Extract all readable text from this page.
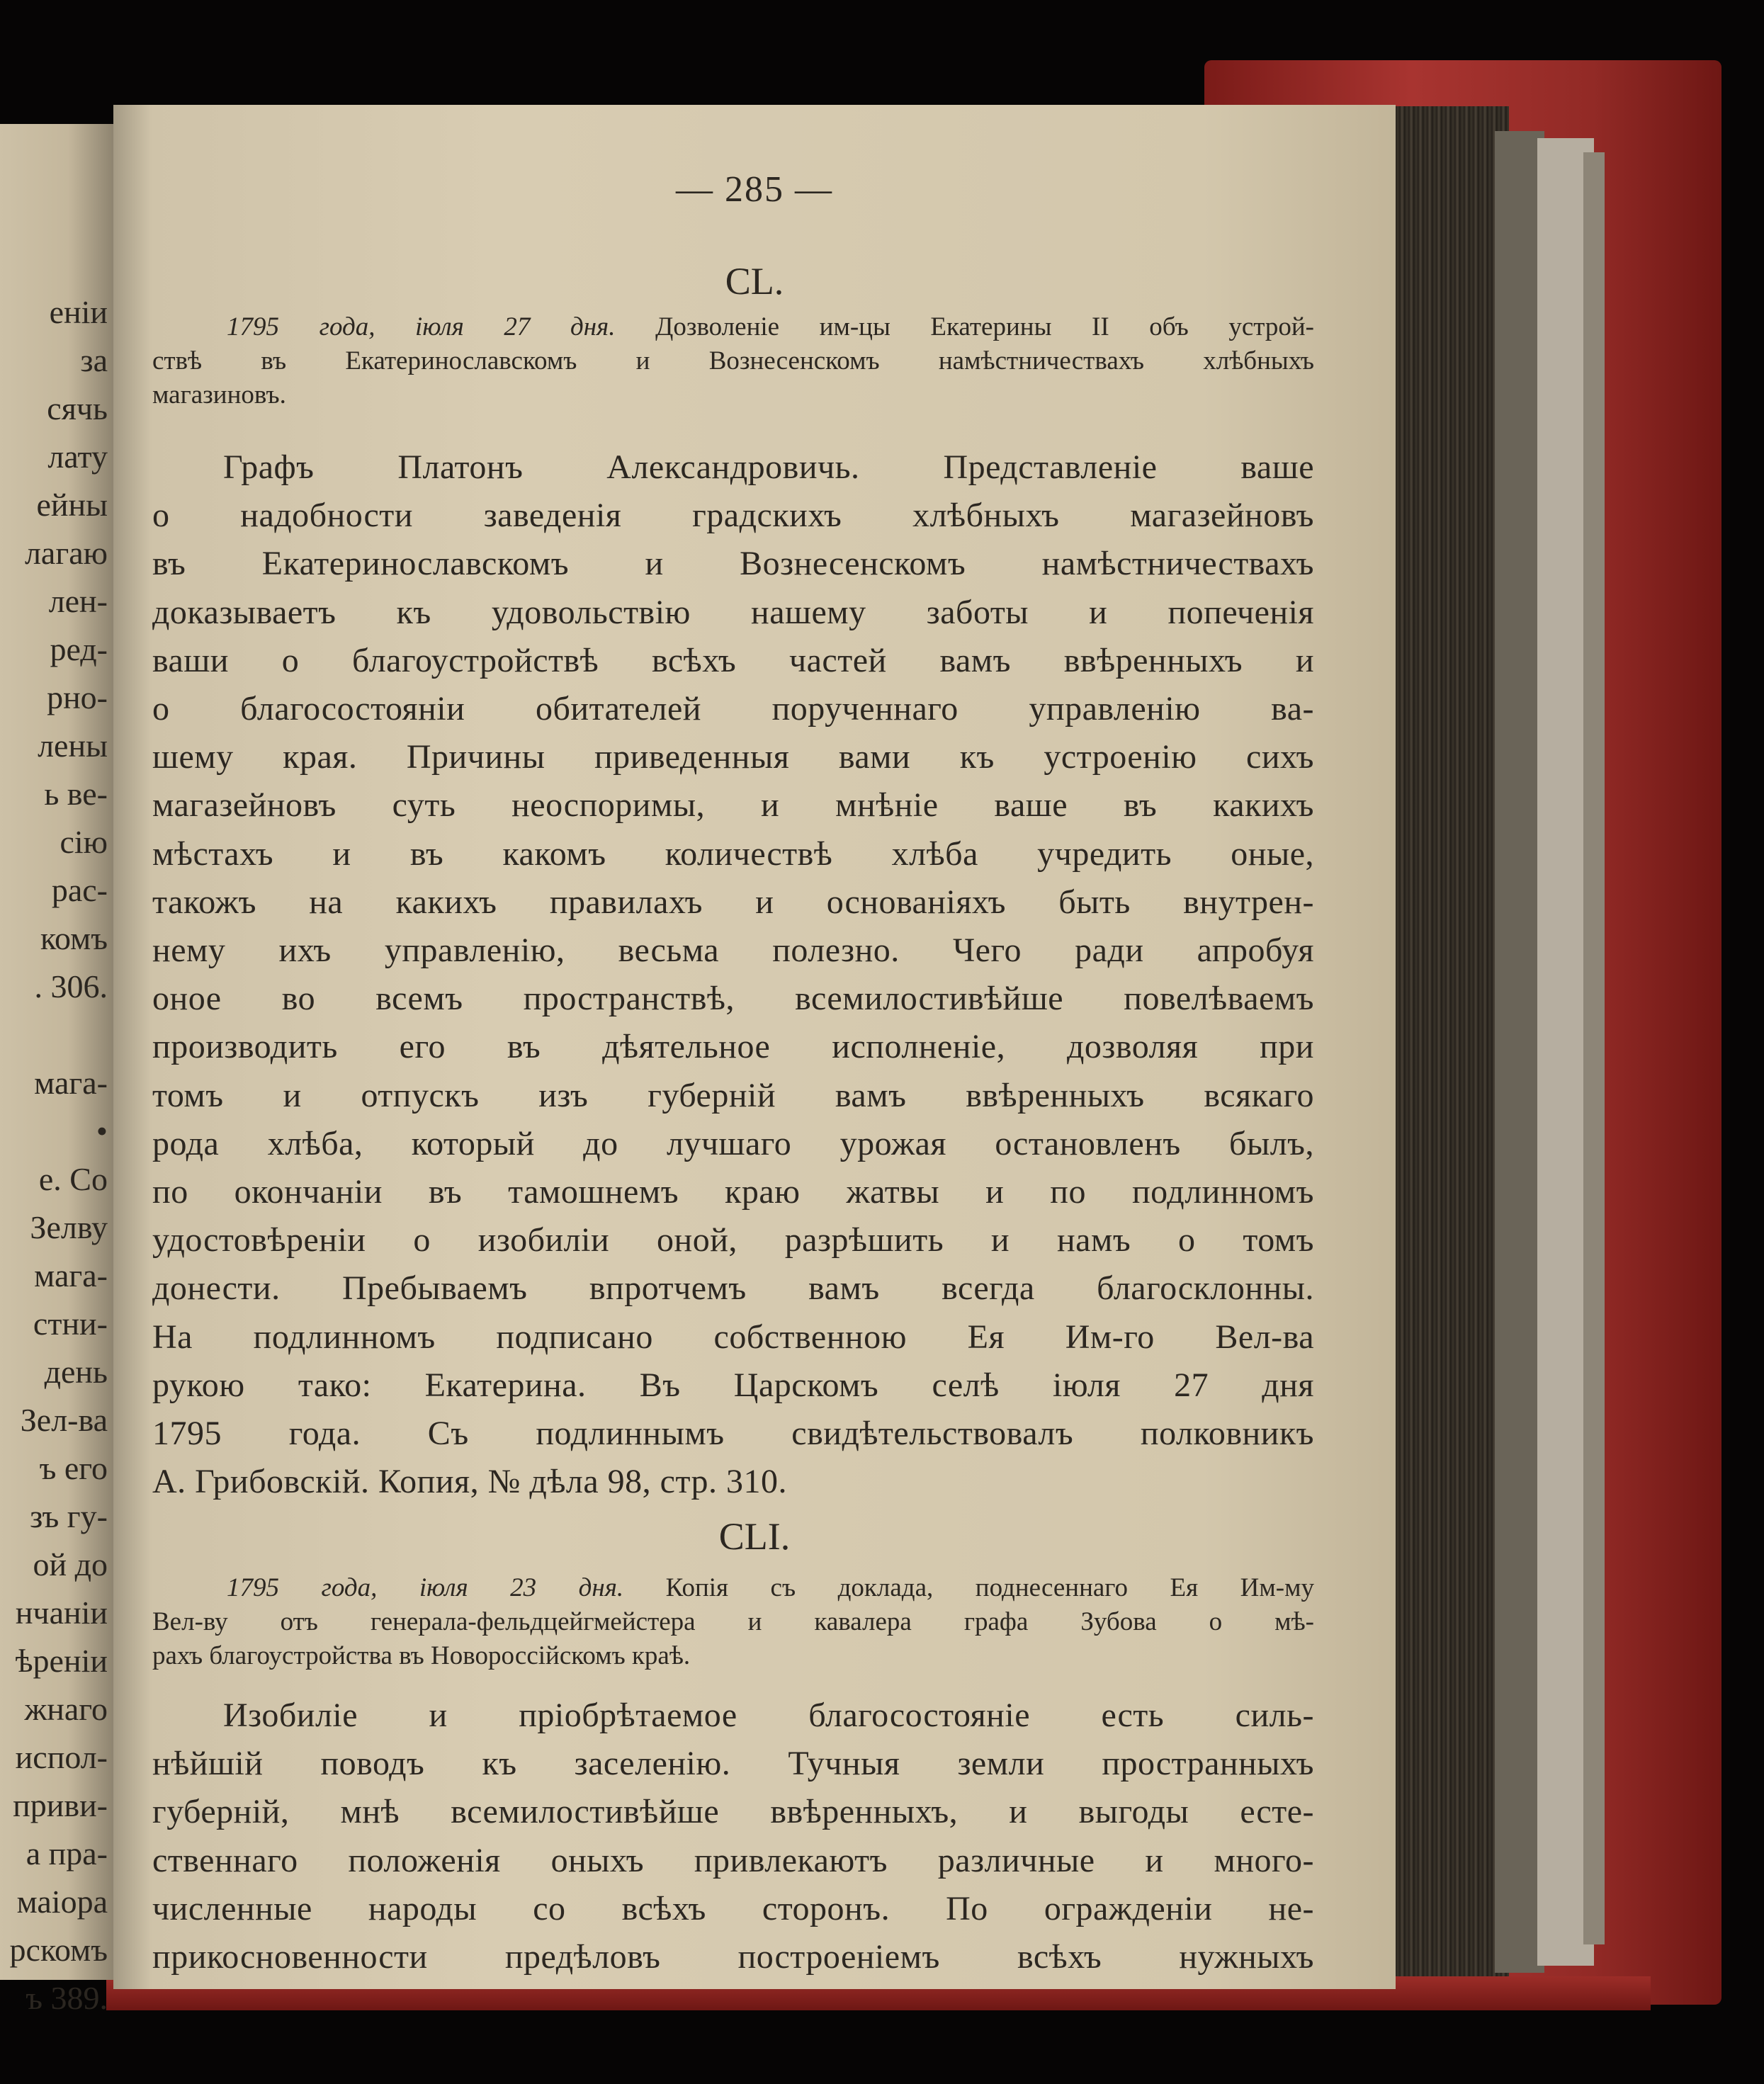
еніи
за
сячь
лату
ейны
лагаю
лен-
ред-
рно-
лены
ь ве-
сію
рас-
комъ
. 306.
мага-
•
е. Со
Зелву
мага-
стни-
день
Зел-ва
ъ его
зъ гу-
ой до
нчаніи
ѣреніи
жнаго
испол-
приви-
а пра-
маіора
рскомъ
ъ 389.
— 285 —
CL.
1795 года, іюля 27 дня. Дозволеніе им-цы Екатерины II объ устрой-
ствѣ въ Екатеринославскомъ и Вознесенскомъ намѣстничествахъ хлѣбныхъ
магазиновъ.
Графъ Платонъ Александровичь. Представленіе ваше
о надобности заведенія градскихъ хлѣбныхъ магазейновъ
въ Екатеринославскомъ и Вознесенскомъ намѣстничествахъ
доказываетъ къ удовольствію нашему заботы и попеченія
ваши о благоустройствѣ всѣхъ частей вамъ ввѣренныхъ и
о благосостояніи обитателей порученнаго управленію ва-
шему края. Причины приведенныя вами къ устроенію сихъ
магазейновъ суть неоспоримы, и мнѣніе ваше въ какихъ
мѣстахъ и въ какомъ количествѣ хлѣба учредить оные,
такожъ на какихъ правилахъ и основаніяхъ быть внутрен-
нему ихъ управленію, весьма полезно. Чего ради апробуя
оное во всемъ пространствѣ, всемилостивѣйше повелѣваемъ
производить его въ дѣятельное исполненіе, дозволяя при
томъ и отпускъ изъ губерній вамъ ввѣренныхъ всякаго
рода хлѣба, который до лучшаго урожая остановленъ былъ,
по окончаніи въ тамошнемъ краю жатвы и по подлинномъ
удостовѣреніи о изобиліи оной, разрѣшить и намъ о томъ
донести. Пребываемъ впротчемъ вамъ всегда благосклонны.
На подлинномъ подписано собственною Ея Им-го Вел-ва
рукою тако: Екатерина. Въ Царскомъ селѣ іюля 27 дня
1795 года. Съ подлиннымъ свидѣтельствовалъ полковникъ
А. Грибовскій. Копия, № дѣла 98, стр. 310.
CLI.
1795 года, іюля 23 дня. Копія съ доклада, поднесеннаго Ея Им-му
Вел-ву отъ генерала-фельдцейгмейстера и кавалера графа Зубова о мѣ-
рахъ благоустройства въ Новороссійскомъ краѣ.
Изобиліе и пріобрѣтаемое благосостояніе есть силь-
нѣйшій поводъ къ заселенію. Тучныя земли пространныхъ
губерній, мнѣ всемилостивѣйше ввѣренныхъ, и выгоды есте-
ственнаго положенія оныхъ привлекаютъ различные и много-
численные народы со всѣхъ сторонъ. По огражденіи не-
прикосновенности предѣловъ построеніемъ всѣхъ нужныхъ
